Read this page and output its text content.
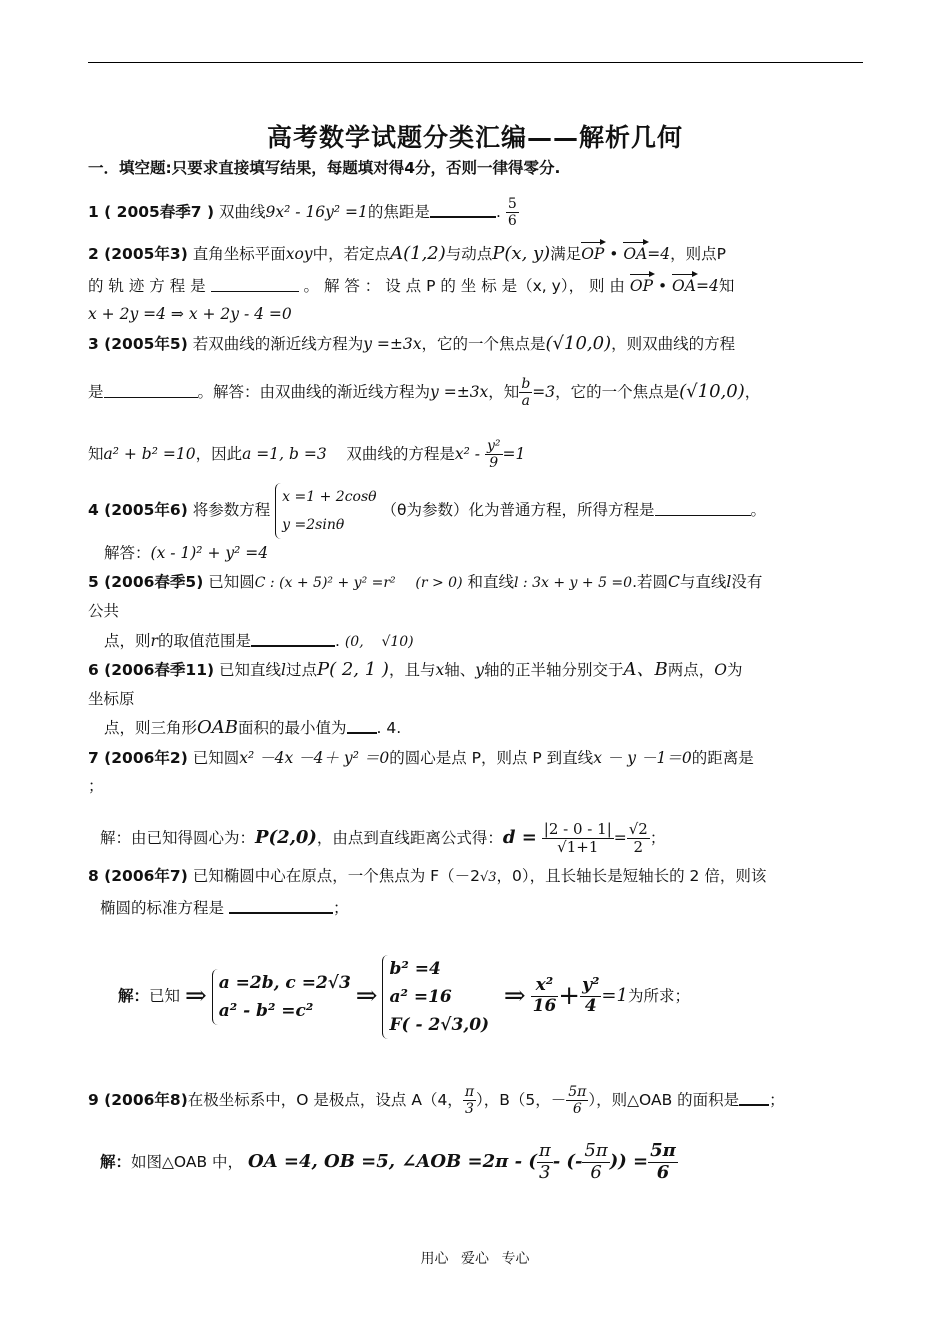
高考数学试题分类汇编——解析几何
一．填空题:只要求直接填写结果，每题填对得4分，否则一律得零分.
1 ( 2005春季7 ) 双曲线9x² - 16y² =1的焦距是	. $\frac{5}{6}$
2 (2005年3) 直角坐标平面xoy中，若定点A(1,2)与动点P(x, y)满足OP • OA=4，则点P
的 轨 迹 方 程 是	。 解 答 ： 设 点 P 的 坐 标 是（x, y）， 则 由 OP • OA=4知
x + 2y =4 ⇒ x + 2y - 4 =0
3 (2005年5) 若双曲线的渐近线方程为y =±3x，它的一个焦点是(√10,0)，则双曲线的方程
是	。解答：由双曲线的渐近线方程为y =±3x，知 $\frac{b}{a} =3$，它的一个焦点是(√10,0)，
知a² + b² =10，因此a =1, b =3 双曲线的方程是$x^2 - \frac{\text{y²}}{9} =1$
4 (2005年6) 将参数方程
x =1 + 2cosθ
y =2sinθ
（θ为参数）化为普通方程，所得方程是	。
解答：(x - 1)² + y² =4
5 (2006春季5) 已知圆C : (x + 5)² + y² =r² (r > 0) 和直线l : 3x + y + 5 =0.若圆C与直线l没有
公共
点，则r的取值范围是	. (0,    √10)
6 (2006春季11) 已知直线l过点P( 2, 1 )，且与x轴、y轴的正半轴分别交于A、B两点，O为
坐标原
点，则三角形OAB面积的最小值为 . 4.
7 (2006年2) 已知圆x² －4x －4＋ y² ＝0的圆心是点 P，则点 P 到直线x － y －1＝0的距离是
；
解：由已知得圆心为：P(2,0)，由点到直线距离公式得：$d = \frac{|2 - 0 - 1|}{√1+1} = \frac{√2}{2}$ ；
8 (2006年7) 已知椭圆中心在原点，一个焦点为 F（－2√3，0），且长轴长是短轴长的 2 倍，则该
椭圆的标准方程是	；
解：已知 ⇒ a =2b, c =2√3
a² - b² =c²	⇒
b² =4
a² =16
F( - 2√3,0)
⇒ $\frac{\text{x²}}{16} + \frac{\text{y²}}{4} =1$为所求；
9 (2006年8)在极坐标系中，O 是极点，设点 A（4， $\frac{\pi}{3}$ ），B（5，－ $\frac{5\pi}{6}$ ），则△OAB 的面积是 ；
解：如图△OAB 中， OA =4, OB =5, ∠AOB =2π - ( $\frac{\pi}{3}$ - (- $\frac{5\pi}{6}$ )) = $\frac{5\pi}{6}$
用心 爱心 专心
